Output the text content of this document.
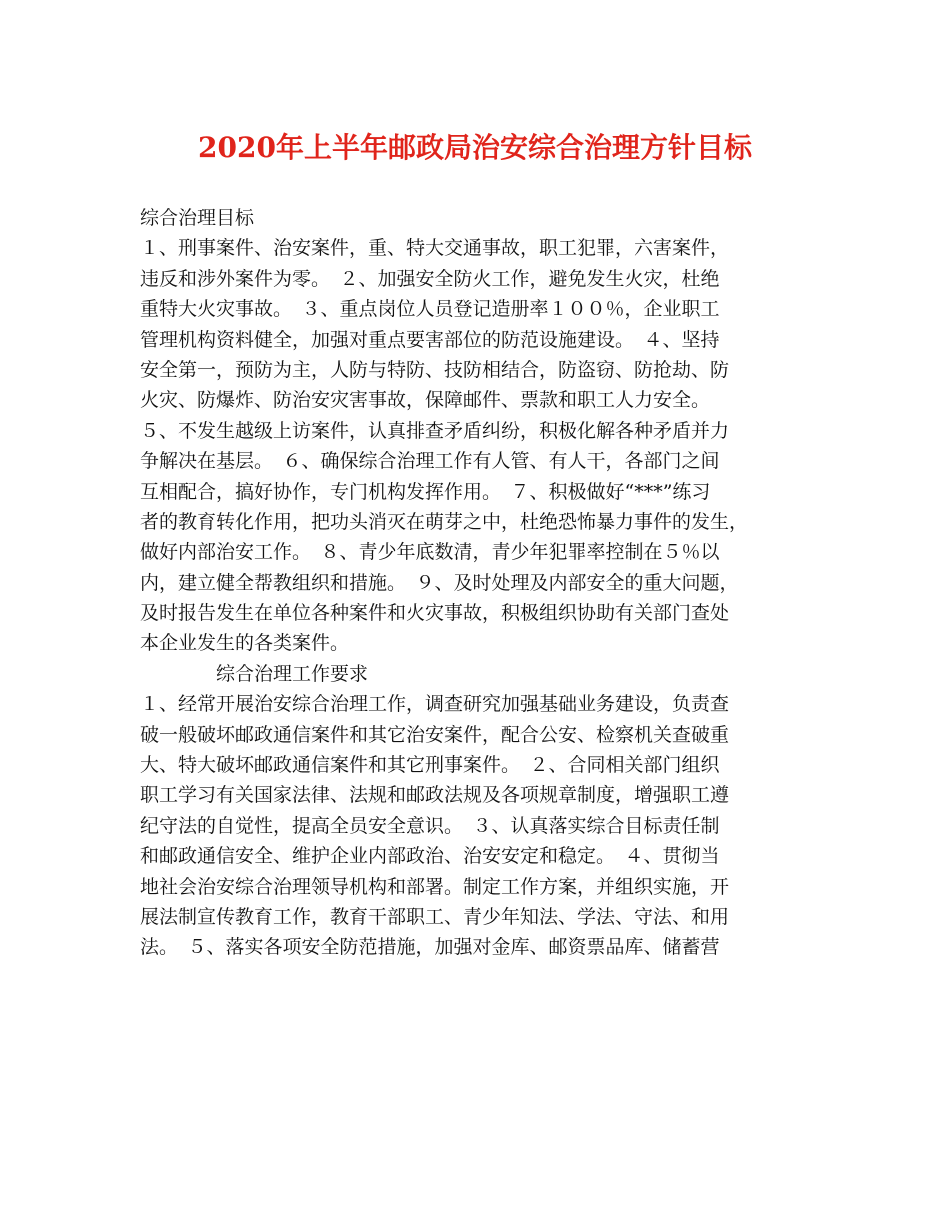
2020年上半年邮政局治安综合治理方针目标
综合治理目标
１、刑事案件、治安案件，重、特大交通事故，职工犯罪，六害案件，
违反和涉外案件为零。　２、加强安全防火工作，避免发生火灾，杜绝
重特大火灾事故。　３、重点岗位人员登记造册率１００％，企业职工
管理机构资料健全，加强对重点要害部位的防范设施建设。　４、坚持
安全第一，预防为主，人防与特防、技防相结合，防盗窃、防抢劫、防
火灾、防爆炸、防治安灾害事故，保障邮件、票款和职工人力安全。
５、不发生越级上访案件，认真排查矛盾纠纷，积极化解各种矛盾并力
争解决在基层。　６、确保综合治理工作有人管、有人干，各部门之间
互相配合，搞好协作，专门机构发挥作用。　７、积极做好“***”练习
者的教育转化作用，把功头消灭在萌芽之中，杜绝恐怖暴力事件的发生，
做好内部治安工作。　８、青少年底数清，青少年犯罪率控制在５％以
内，建立健全帮教组织和措施。　９、及时处理及内部安全的重大问题，
及时报告发生在单位各种案件和火灾事故，积极组织协助有关部门查处
本企业发生的各类案件。
综合治理工作要求
１、经常开展治安综合治理工作，调查研究加强基础业务建设，负责查
破一般破坏邮政通信案件和其它治安案件，配合公安、检察机关查破重
大、特大破坏邮政通信案件和其它刑事案件。　２、合同相关部门组织
职工学习有关国家法律、法规和邮政法规及各项规章制度，增强职工遵
纪守法的自觉性，提高全员安全意识。　３、认真落实综合目标责任制
和邮政通信安全、维护企业内部政治、治安安定和稳定。　４、贯彻当
地社会治安综合治理领导机构和部署。制定工作方案，并组织实施，开
展法制宣传教育工作，教育干部职工、青少年知法、学法、守法、和用
法。　５、落实各项安全防范措施，加强对金库、邮资票品库、储蓄营
